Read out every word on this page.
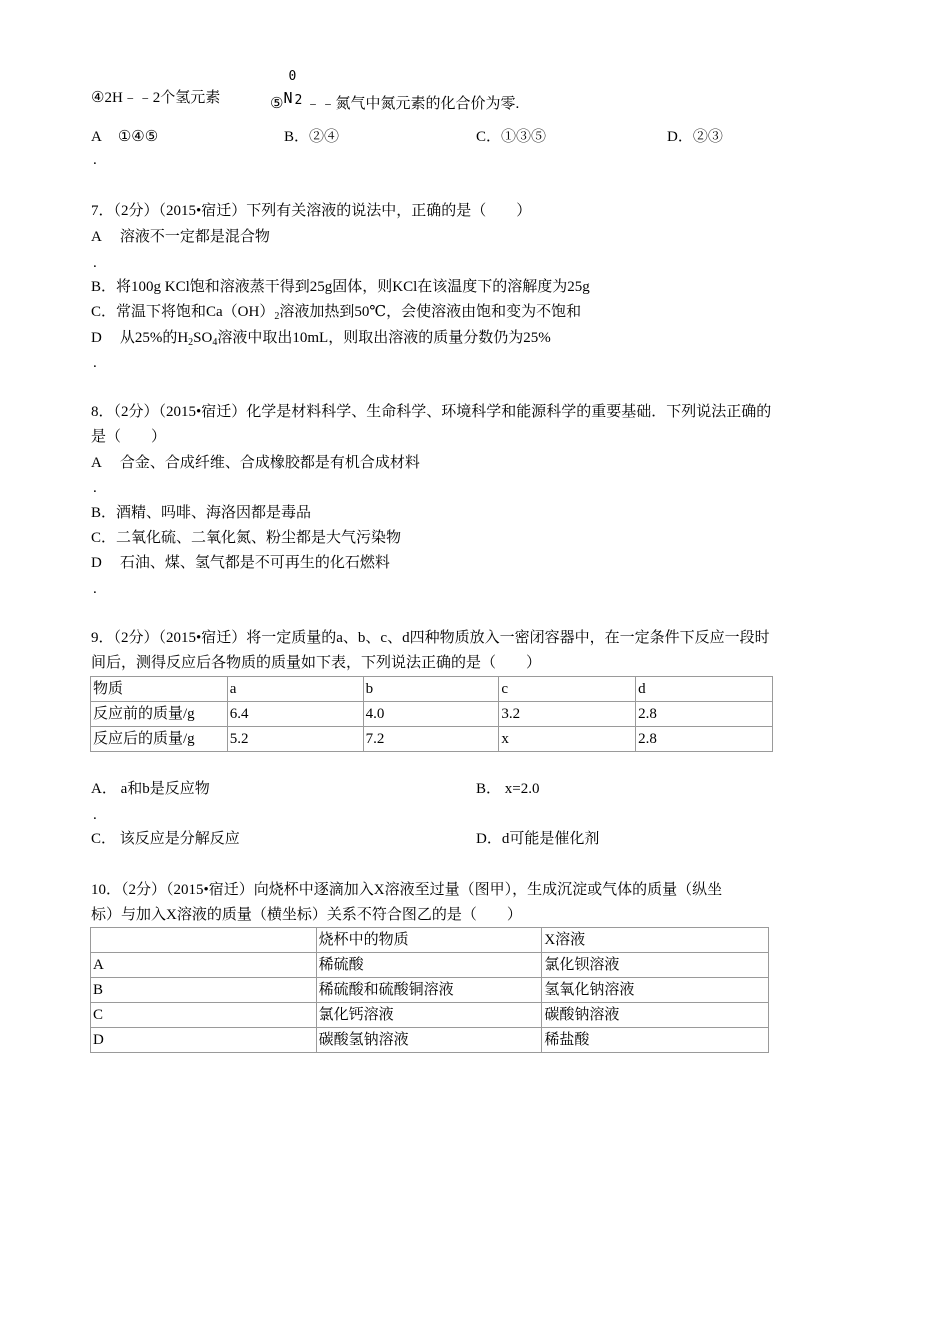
④2H﹣﹣2个氢元素	⑤
0
N 2 ﹣﹣氮气中氮元素的化合价为零.
A ①④⑤
.
B．②④	C．①③⑤	D．②③
7．（2分）（2015•宿迁）下列有关溶液的说法中，正确的是（　　）
A 溶液不一定都是混合物
.
B．将100g KCl饱和溶液蒸干得到25g固体，则KCl在该温度下的溶解度为25g
C．常温下将饱和$Ca(OH)_2$溶液加热到50℃，会使溶液由饱和变为不饱和
D 从25%的$H_2SO_4$溶液中取出10mL，则取出溶液的质量分数仍为25%
.
8．（2分）（2015•宿迁）化学是材料科学、生命科学、环境科学和能源科学的重要基础．下列说法正确的
是（　　）
A 合金、合成纤维、合成橡胶都是有机合成材料
.
B．酒精、吗啡、海洛因都是毒品
C．二氧化硫、二氧化氮、粉尘都是大气污染物
D 石油、煤、氢气都是不可再生的化石燃料
.
9．（2分）（2015•宿迁）将一定质量的a、b、c、d四种物质放入一密闭容器中，在一定条件下反应一段时
间后，测得反应后各物质的质量如下表，下列说法正确的是（　　）
物质	a	b	c	d
反应前的质量/g	6.4	4.0	3.2	2.8
反应后的质量/g	5.2	7.2	x	2.8
A． a和b是反应物
.
B． x=2.0
C． 该反应是分解反应	D．d可能是催化剂
10．（2分）（2015•宿迁）向烧杯中逐滴加入X溶液至过量（图甲），生成沉淀或气体的质量（纵坐
标）与加入X溶液的质量（横坐标）关系不符合图乙的是（　　）
	烧杯中的物质	X溶液
A	稀硫酸	氯化钡溶液
B	稀硫酸和硫酸铜溶液	氢氧化钠溶液
C	氯化钙溶液	碳酸钠溶液
D	碳酸氢钠溶液	稀盐酸
